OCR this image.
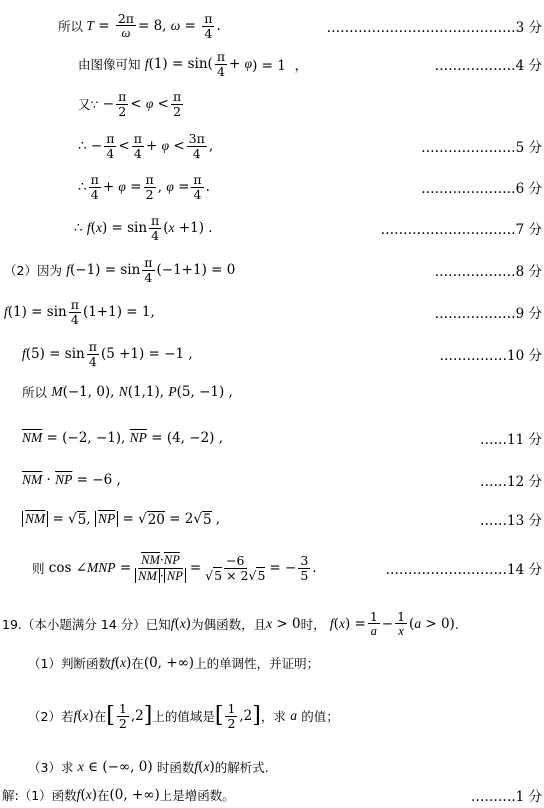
所以 $T = \frac{2\pi}{\omega} = 8$, $\omega = \frac{\pi}{4}$ .	……………………………………3 分
由图像可知
f $(1) = \sin( \frac{\pi}{4} + \varphi$ ) = 1  ，	………………4 分
又∵ − $\frac{\pi}{2} < \varphi < \frac{\pi}{2}$
∴ − $\frac{\pi}{4} < \frac{\pi}{4} + \varphi < \frac{3\pi}{4}$ ,	…………………5 分
∴ $\frac{\pi}{4} + \varphi = \frac{\pi}{2}$ , $\varphi = \frac{\pi}{4}$ .	…………………6 分
∴ f ( x ) = $\sin \frac{\pi}{4}$ ( x +1) .	…………………………7 分
（2）因为
f $(-1) = \sin \frac{\pi}{4} (-1+1) = 0$	………………8 分
f $(1) = \sin \frac{\pi}{4} (1+1) = 1$,	………………9 分
f $(5) = \sin \frac{\pi}{4} (5 +1) = -1$ ,	……………10 分
所以
M (−1, 0), N (1,1), P (5, −1) ,
$\overline{NM} = (-2$, −1), $\overline{NP} = (4$, −2) ,	……11 分
$\overline{NM} \cdot \overline{NP} = -6$ ,	……12 分
$\overline{NM}$ = √ 5 , $\overline{NP}$ = √ 20 = 2√ 5 ,	……13 分
则 cos ∠ MNP = $\frac{\overline{NM}\cdot\overline{NP}}{\overline{NM} \cdot \overline{NP}} = \frac{-6}{√5 \times 2√5}$ = − $\frac{3}{5}$ .	………………………14 分
19. （本小题满分 14 分）已知 f ( x ) 为偶函数，且 x > 0 时，
f ( x ) = $\frac{1}{a} - \frac{1}{x}$ ( a > 0) .
（1）判断函数 f ( x ) 在 (0, +∞) 上的单调性，并证明；
（2）若 f ( x ) 在 [ $\frac{1}{2} ,2$ ] 上的值域是 [ $\frac{1}{2} ,2$ ] ，求
a
的值；
（3）求
x ∈ (−∞, 0) 时函数 f ( x ) 的解析式.
解:（1）函数 f ( x ) 在 (0, +∞) 上是增函数。	……….1 分
